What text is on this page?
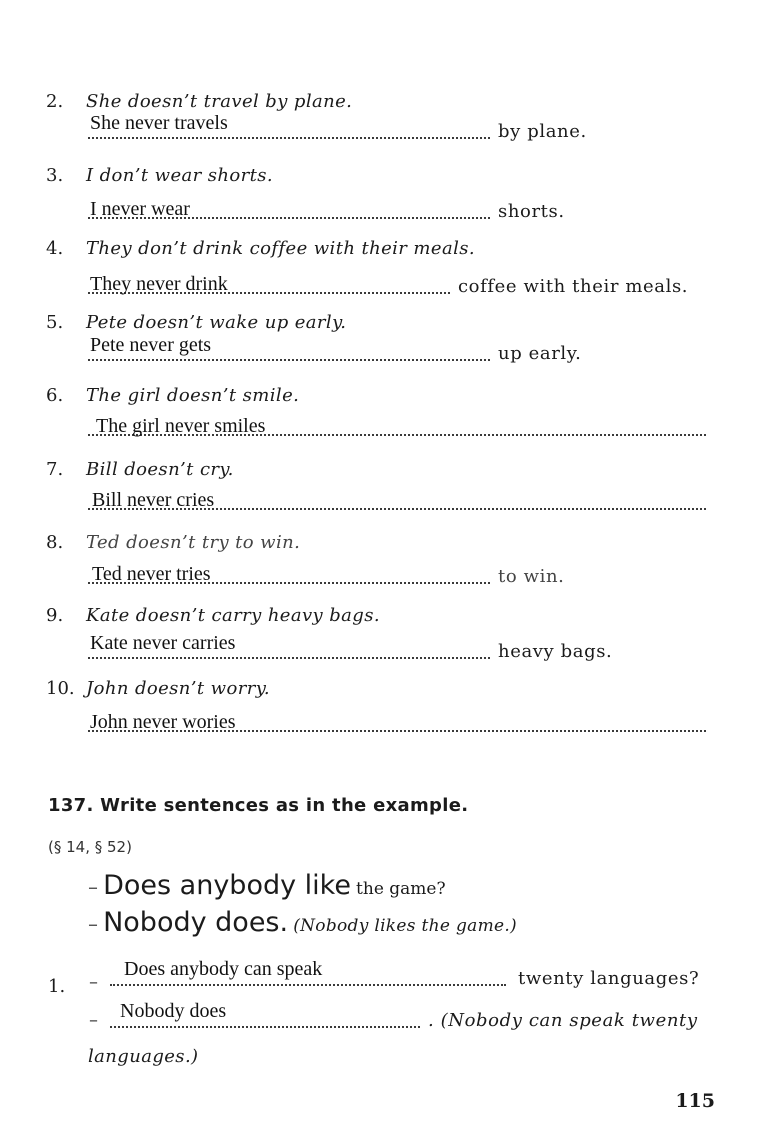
2. She doesn’t travel by plane.
She never travels	by plane.
3. I don’t wear shorts.
I never wear	shorts.
4. They don’t drink coffee with their meals.
They never drink	coffee with their meals.
5. Pete doesn’t wake up early.
Pete never gets	up early.
6. The girl doesn’t smile.
The girl never smiles
7. Bill doesn’t cry.
Bill never cries
8. Ted doesn’t try to win.
Ted never tries	to win.
9. Kate doesn’t carry heavy bags.
Kate never carries	heavy bags.
10. John doesn’t worry.
John never wories
137. Write sentences as in the example.
(§ 14, § 52)
– Does anybody like the game?
– Nobody does. (Nobody likes the game.)
1. –
Does anybody can speak	twenty languages?
– Nobody does	. (Nobody can speak twenty
languages.)
115
